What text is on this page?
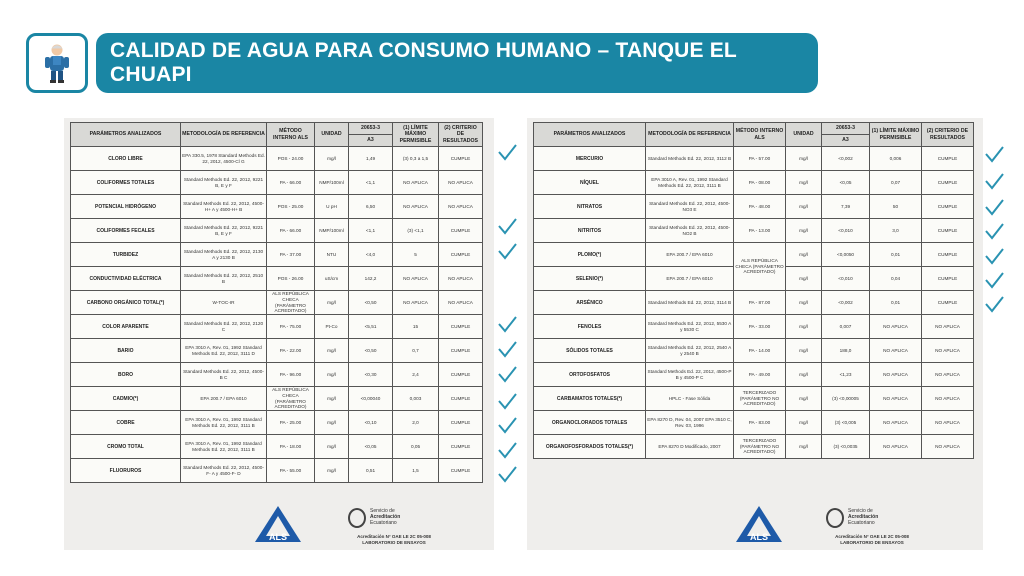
CALIDAD DE AGUA PARA CONSUMO HUMANO – TANQUE EL CHUAPI
PARÁMETROS ANALIZADOS	METODOLOGÍA DE REFERENCIA	MÉTODO INTERNO ALS	UNIDAD	20653-3	(1) LÍMITE MÁXIMO PERMISIBLE	(2) CRITERIO DE RESULTADOS
				A3		
CLORO LIBRE	EPA 330.5, 1978 Standard Methods Ed. 22, 2012, 4500-Cl G	POS - 24.00	mg/l	1,49	(3) 0,3 a 1,5	CUMPLE
COLIFORMES TOTALES	Standard Methods Ed. 22, 2012, 9221 B, E y F	PA - 66.00	NMP/100ml	<1,1	NO APLICA	NO APLICA
POTENCIAL HIDRÓGENO	Standard Methods Ed. 22, 2012, 4500-H+ A y 4500-H+ B	POS - 25.00	U pH	6,50	NO APLICA	NO APLICA
COLIFORMES FECALES	Standard Methods Ed. 22, 2012, 9221 B, E y F	PA - 66.00	NMP/100ml	<1,1	(3) <1,1	CUMPLE
TURBIDEZ	Standard Methods Ed. 22, 2012, 2130 A y 2130 B	PA - 37.00	NTU	<4,0	5	CUMPLE
CONDUCTIVIDAD ELÉCTRICA	Standard Methods Ed. 22, 2012, 2510 B	POS - 26.00	uS/cm	142,2	NO APLICA	NO APLICA
CARBONO ORGÁNICO TOTAL(*)	W-TOC-IR	ALS REPÚBLICA CHECA (PARÁMETRO ACREDITADO)	mg/l	<0,50	NO APLICA	NO APLICA
COLOR APARENTE	Standard Methods Ed. 22, 2012, 2120 C	PA - 75.00	Pt-Co	<5,51	15	CUMPLE
BARIO	EPA 3010 A, Rev. 01, 1992 Standard Methods Ed. 22, 2012, 3111 D	PA - 22.00	mg/l	<0,50	0,7	CUMPLE
BORO	Standard Methods Ed. 22, 2012, 4500-B C	PA - 96.00	mg/l	<0,30	2,4	CUMPLE
CADMIO(*)	EPA 200.7 / EPA 6010	ALS REPÚBLICA CHECA (PARÁMETRO ACREDITADO)	mg/l	<0,00040	0,003	CUMPLE
COBRE	EPA 3010 A, Rev. 01, 1992 Standard Methods Ed. 22, 2012, 3111 B	PA - 25.00	mg/l	<0,10	2,0	CUMPLE
CROMO TOTAL	EPA 3010 A, Rev. 01, 1992 Standard Methods Ed. 22, 2012, 3111 B	PA - 18.00	mg/l	<0,05	0,05	CUMPLE
FLUORUROS	Standard Methods Ed. 22, 2012, 4500-F- A y 4500-F- D	PA - 55.00	mg/l	0,51	1,5	CUMPLE
ALS
Servicio de
Acreditación
Ecuatoriano
Acreditación N° OAE LE 2C 05-008
LABORATORIO DE ENSAYOS
PARÁMETROS ANALIZADOS	METODOLOGÍA DE REFERENCIA	MÉTODO INTERNO ALS	UNIDAD	20653-3	(1) LÍMITE MÁXIMO PERMISIBLE	(2) CRITERIO DE RESULTADOS
				A3		
MERCURIO	Standard Methods Ed. 22, 2012, 3112 B	PA - 57.00	mg/l	<0,002	0,006	CUMPLE
NÍQUEL	EPA 3010 A, Rev. 01, 1992 Standard Methods Ed. 22, 2012, 3111 B	PA - 08.00	mg/l	<0,05	0,07	CUMPLE
NITRATOS	Standard Methods Ed. 22, 2012, 4500-NO3 E	PA - 48.00	mg/l	7,39	50	CUMPLE
NITRITOS	Standard Methods Ed. 22, 2012, 4500-NO2 B	PA - 13.00	mg/l	<0,010	3,0	CUMPLE
PLOMO(*)	EPA 200.7 / EPA 6010	ALS REPÚBLICA CHECA (PARÁMETRO ACREDITADO)	mg/l	<0,0050	0,01	CUMPLE
SELENIO(*)	EPA 200.7 / EPA 6010		mg/l	<0,010	0,04	CUMPLE
ARSÉNICO	Standard Methods Ed. 22, 2012, 3114 B	PA - 87.00	mg/l	<0,002	0,01	CUMPLE
FENOLES	Standard Methods Ed. 22, 2012, 5530 A y 5530 C	PA - 33.00	mg/l	0,007	NO APLICA	NO APLICA
SÓLIDOS TOTALES	Standard Methods Ed. 22, 2012, 2540 A y 2540 B	PA - 14.00	mg/l	188,0	NO APLICA	NO APLICA
ORTOFOSFATOS	Standard Methods Ed. 22, 2012, 4500-P B y 4500-P C	PA - 49.00	mg/l	<1,23	NO APLICA	NO APLICA
CARBAMATOS TOTALES(*)	HPLC - Fase Sólida	TERCERIZADO (PARÁMETRO NO ACREDITADO)	mg/l	(3) <0,00005	NO APLICA	NO APLICA
ORGANOCLORADOS TOTALES	EPA 8270 D, Rev. 04, 2007 EPA 3510 C, Rev. 03, 1996	PA - 83.00	mg/l	(3) <0,005	NO APLICA	NO APLICA
ORGANOFOSFORADOS TOTALES(*)	EPA 8270 D Modificado, 2007	TERCERIZADO (PARÁMETRO NO ACREDITADO)	mg/l	(3) <0,0035	NO APLICA	NO APLICA
ALS
Servicio de
Acreditación
Ecuatoriano
Acreditación N° OAE LE 2C 05-008
LABORATORIO DE ENSAYOS
